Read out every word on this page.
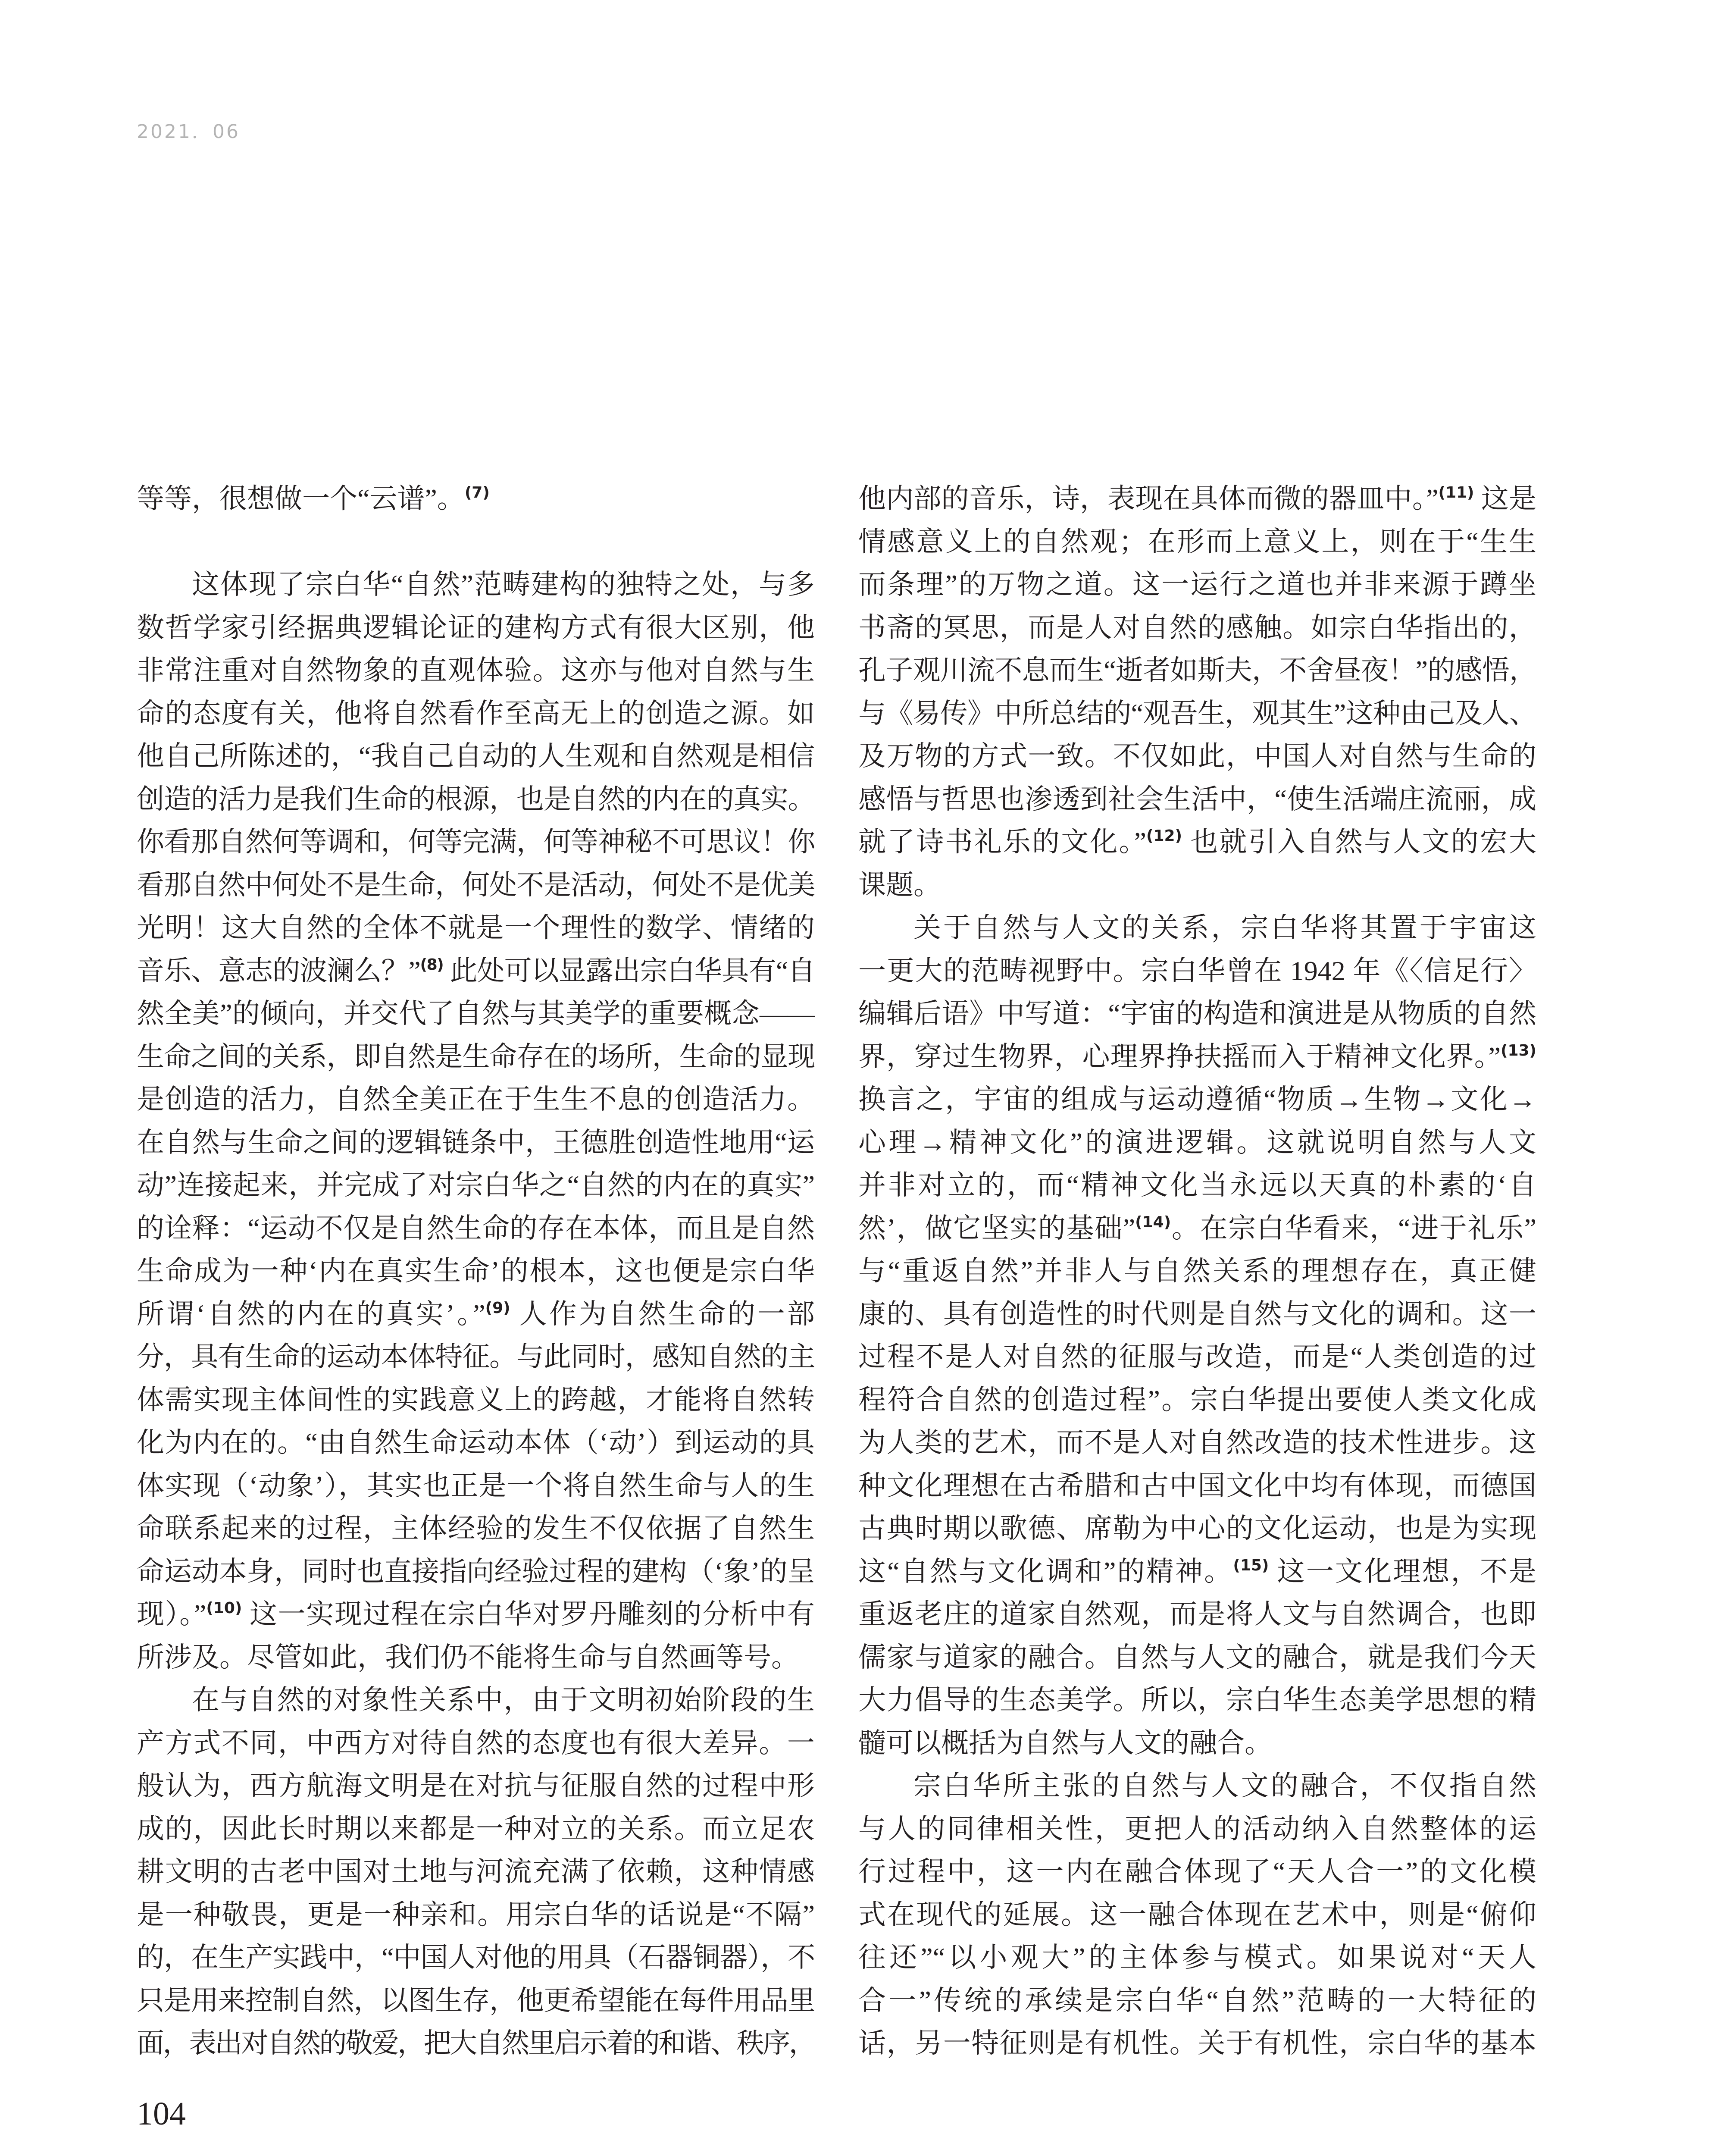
2021．06
等等，很想做一个“云谱”。$^{(7)}$
这体现了宗白华“自然”范畴建构的独特之处，与多
数哲学家引经据典逻辑论证的建构方式有很大区别，他
非常注重对自然物象的直观体验。这亦与他对自然与生
命的态度有关，他将自然看作至高无上的创造之源。如
他自己所陈述的，“我自己自动的人生观和自然观是相信
创造的活力是我们生命的根源，也是自然的内在的真实。
你看那自然何等调和，何等完满，何等神秘不可思议！你
看那自然中何处不是生命，何处不是活动，何处不是优美
光明！这大自然的全体不就是一个理性的数学、情绪的
音乐、意志的波澜么？”$^{(8)}$ 此处可以显露出宗白华具有“自
然全美”的倾向，并交代了自然与其美学的重要概念——
生命之间的关系，即自然是生命存在的场所，生命的显现
是创造的活力，自然全美正在于生生不息的创造活力。
在自然与生命之间的逻辑链条中，王德胜创造性地用“运
动”连接起来，并完成了对宗白华之“自然的内在的真实”
的诠释：“运动不仅是自然生命的存在本体，而且是自然
生命成为一种‘内在真实生命’的根本，这也便是宗白华
所谓‘自然的内在的真实’。”$^{(9)}$ 人作为自然生命的一部
分，具有生命的运动本体特征。与此同时，感知自然的主
体需实现主体间性的实践意义上的跨越，才能将自然转
化为内在的。“由自然生命运动本体（‘动’）到运动的具
体实现（‘动象’），其实也正是一个将自然生命与人的生
命联系起来的过程，主体经验的发生不仅依据了自然生
命运动本身，同时也直接指向经验过程的建构（‘象’的呈
现）。”$^{(10)}$ 这一实现过程在宗白华对罗丹雕刻的分析中有
所涉及。尽管如此，我们仍不能将生命与自然画等号。
在与自然的对象性关系中，由于文明初始阶段的生
产方式不同，中西方对待自然的态度也有很大差异。一
般认为，西方航海文明是在对抗与征服自然的过程中形
成的，因此长时期以来都是一种对立的关系。而立足农
耕文明的古老中国对土地与河流充满了依赖，这种情感
是一种敬畏，更是一种亲和。用宗白华的话说是“不隔”
的，在生产实践中，“中国人对他的用具（石器铜器），不
只是用来控制自然，以图生存，他更希望能在每件用品里
面，表出对自然的敬爱，把大自然里启示着的和谐、秩序，
他内部的音乐，诗，表现在具体而微的器皿中。”$^{(11)}$ 这是
情感意义上的自然观；在形而上意义上，则在于“生生
而条理”的万物之道。这一运行之道也并非来源于蹲坐
书斋的冥思，而是人对自然的感触。如宗白华指出的，
孔子观川流不息而生“逝者如斯夫，不舍昼夜！”的感悟，
与《易传》中所总结的“观吾生，观其生”这种由己及人、
及万物的方式一致。不仅如此，中国人对自然与生命的
感悟与哲思也渗透到社会生活中，“使生活端庄流丽，成
就了诗书礼乐的文化。”$^{(12)}$ 也就引入自然与人文的宏大
课题。
关于自然与人文的关系，宗白华将其置于宇宙这
一更大的范畴视野中。宗白华曾在 1942 年《〈信足行〉
编辑后语》中写道：“宇宙的构造和演进是从物质的自然
界，穿过生物界，心理界挣扶摇而入于精神文化界。”$^{(13)}$
换言之，宇宙的组成与运动遵循“物质→生物→文化→
心理→精神文化”的演进逻辑。这就说明自然与人文
并非对立的，而“精神文化当永远以天真的朴素的‘自
然’，做它坚实的基础”$^{(14)}$。在宗白华看来，“进于礼乐”
与“重返自然”并非人与自然关系的理想存在，真正健
康的、具有创造性的时代则是自然与文化的调和。这一
过程不是人对自然的征服与改造，而是“人类创造的过
程符合自然的创造过程”。宗白华提出要使人类文化成
为人类的艺术，而不是人对自然改造的技术性进步。这
种文化理想在古希腊和古中国文化中均有体现，而德国
古典时期以歌德、席勒为中心的文化运动，也是为实现
这“自然与文化调和”的精神。$^{(15)}$ 这一文化理想，不是
重返老庄的道家自然观，而是将人文与自然调合，也即
儒家与道家的融合。自然与人文的融合，就是我们今天
大力倡导的生态美学。所以，宗白华生态美学思想的精
髓可以概括为自然与人文的融合。
宗白华所主张的自然与人文的融合，不仅指自然
与人的同律相关性，更把人的活动纳入自然整体的运
行过程中，这一内在融合体现了“天人合一”的文化模
式在现代的延展。这一融合体现在艺术中，则是“俯仰
往还”“以小观大”的主体参与模式。如果说对“天人
合一”传统的承续是宗白华“自然”范畴的一大特征的
话，另一特征则是有机性。关于有机性，宗白华的基本
104
